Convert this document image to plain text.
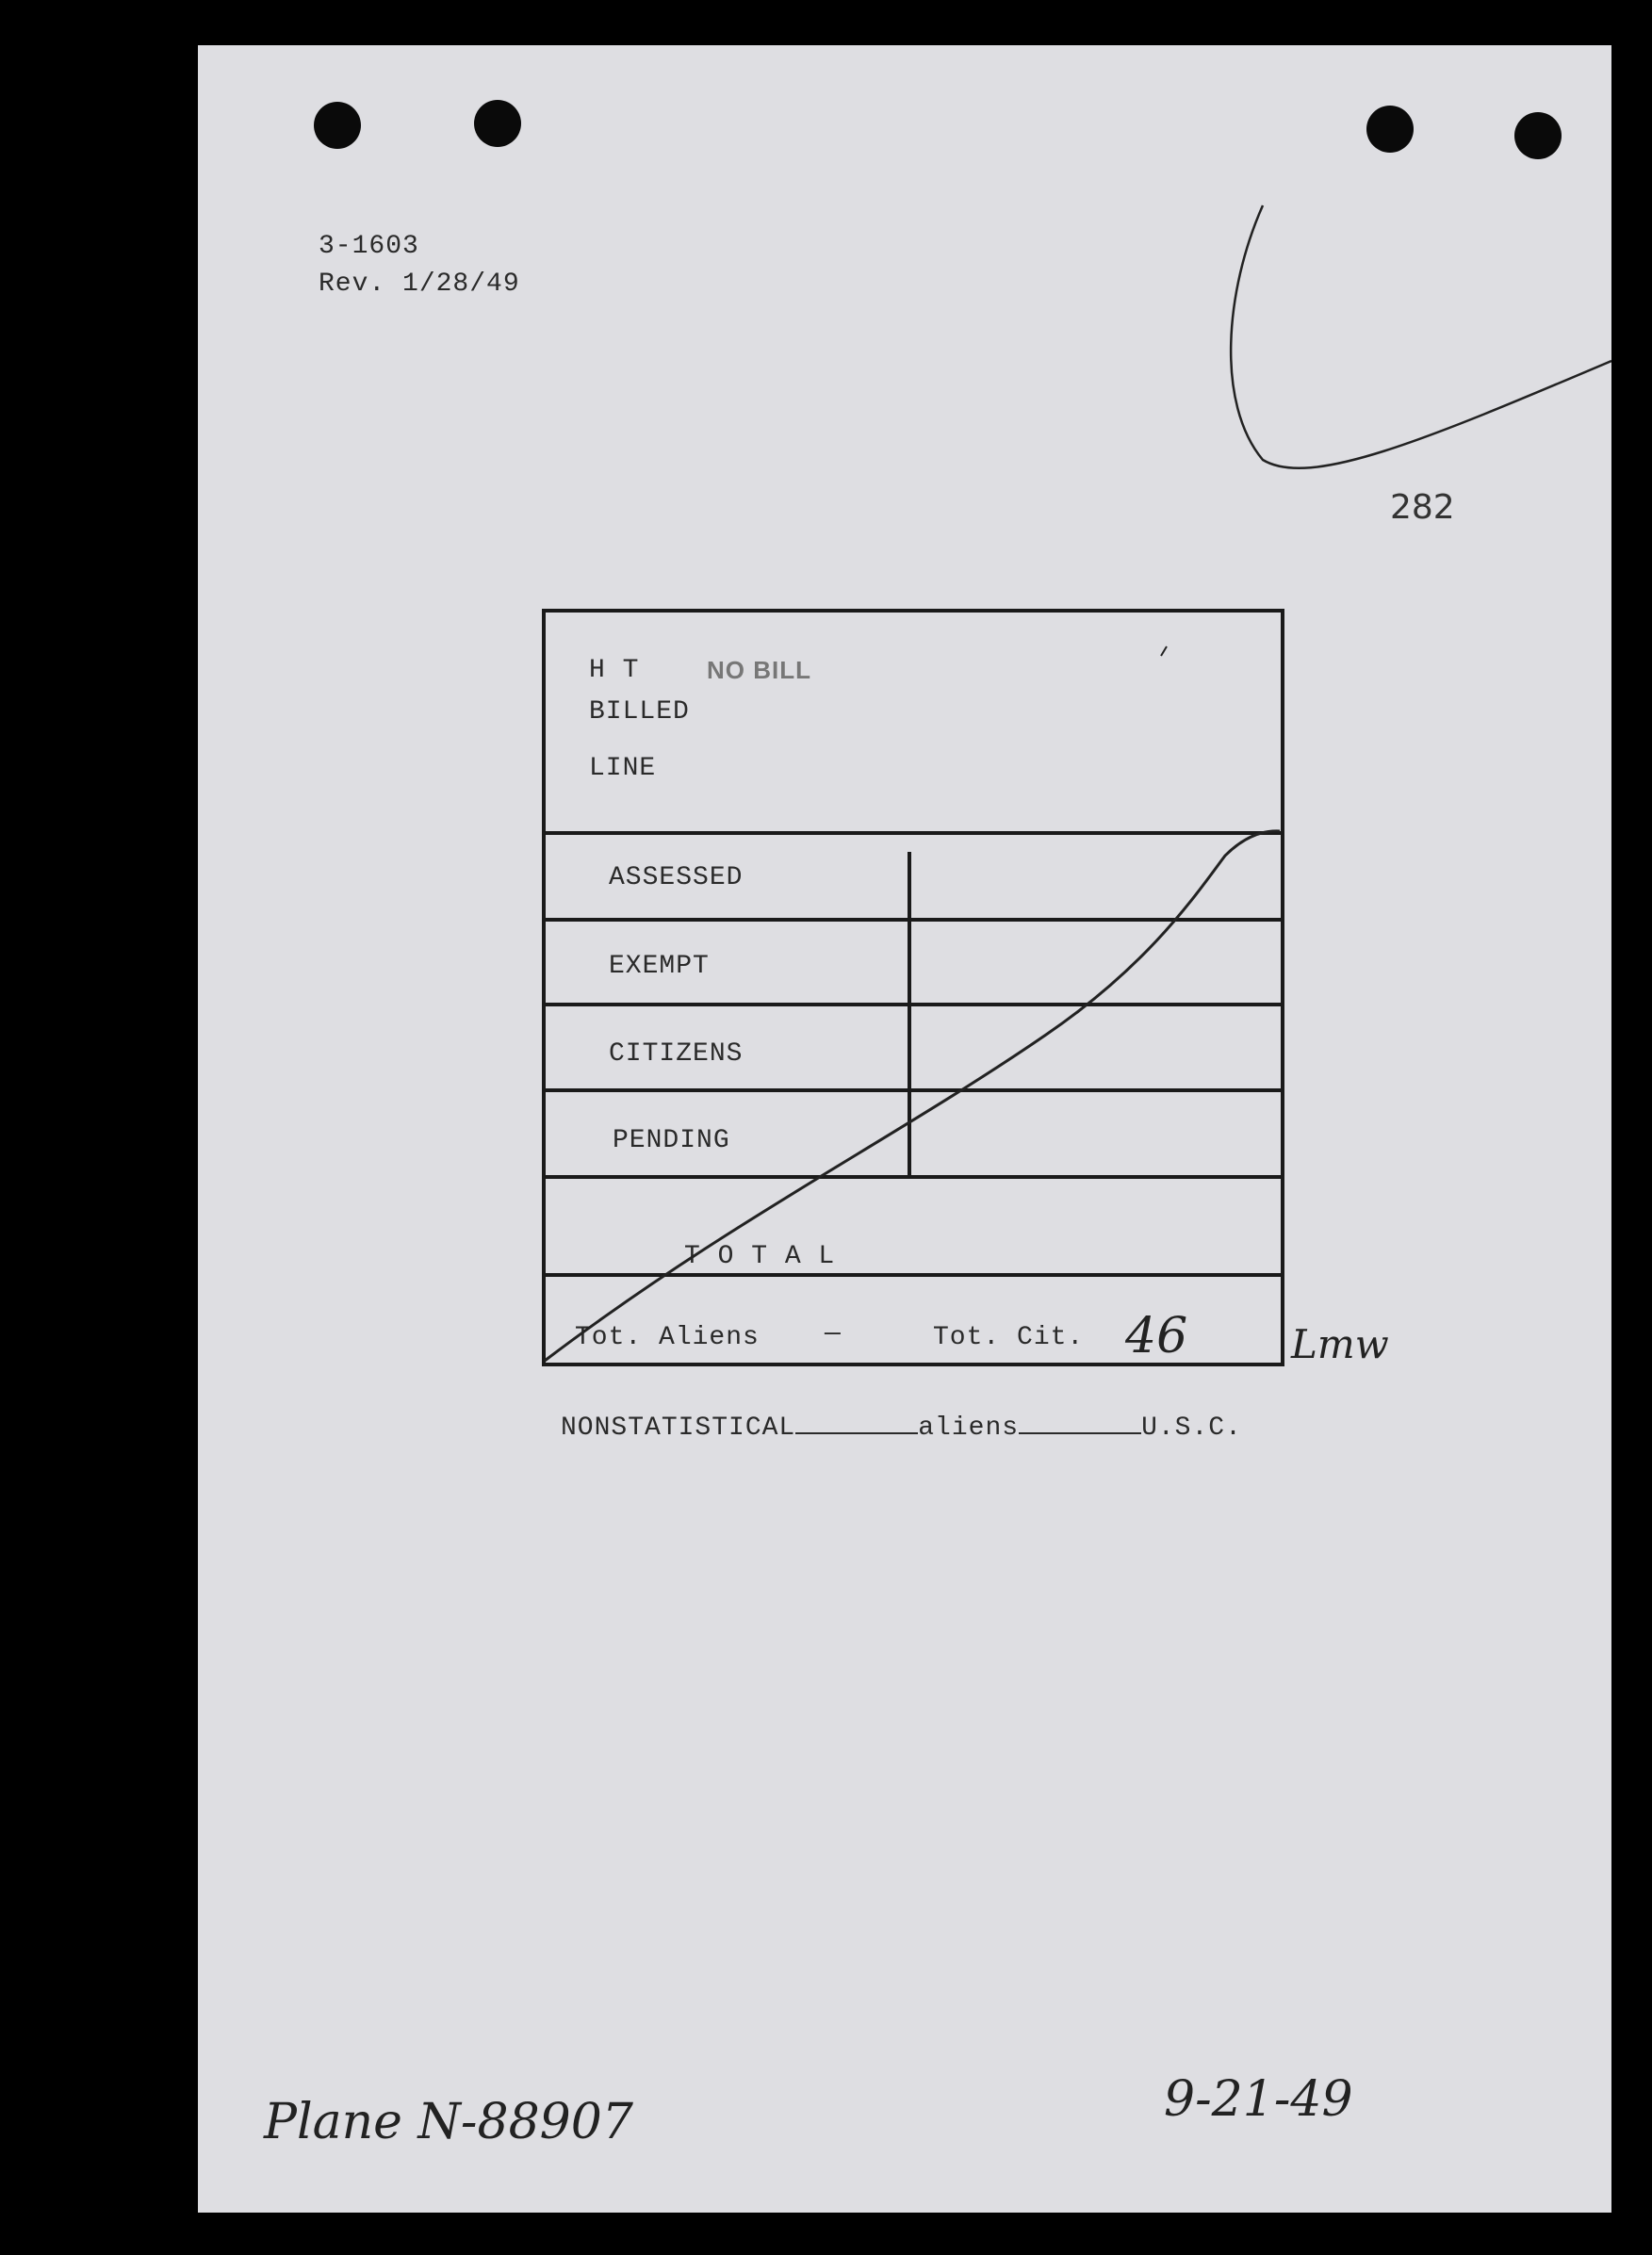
3-1603
Rev. 1/28/49
282
H T	NO BILL
BILLED
LINE
ASSESSED
EXEMPT
CITIZENS
PENDING
T O T A L
Tot. Aliens —	Tot. Cit. 46	Lmw
NONSTATISTICAL	aliens	U.S.C.
Plane N-88907	9-21-49
